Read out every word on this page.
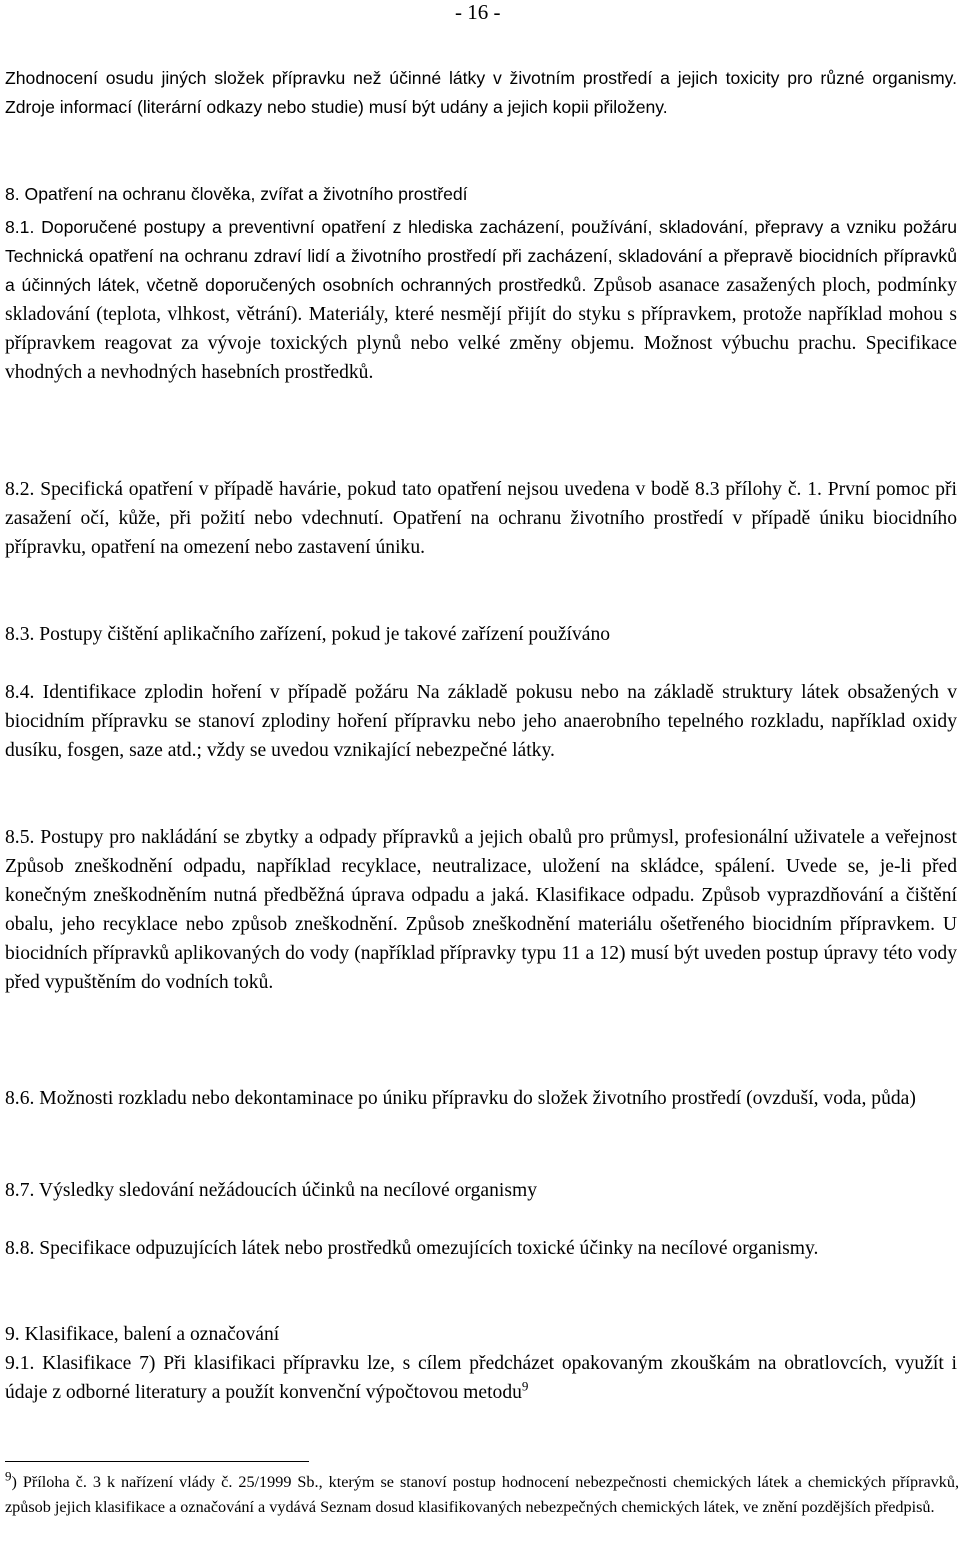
- 16 -

Zhodnocení osudu jiných složek přípravku než účinné látky v životním prostředí a jejich toxicity pro různé organismy. Zdroje informací (literární odkazy nebo studie) musí být udány a jejich kopii přiloženy.

8. Opatření na ochranu člověka, zvířat a životního prostředí

8.1. Doporučené postupy a preventivní opatření z hlediska zacházení, používání, skladování, přepravy a vzniku požáru Technická opatření na ochranu zdraví lidí a životního prostředí při zacházení, skladování a přepravě biocidních přípravků a účinných látek, včetně doporučených osobních ochranných prostředků. Způsob asanace zasažených ploch, podmínky skladování (teplota, vlhkost, větrání). Materiály, které nesmějí přijít do styku s přípravkem, protože například mohou s přípravkem reagovat za vývoje toxických plynů nebo velké změny objemu. Možnost výbuchu prachu. Specifikace vhodných a nevhodných hasebních prostředků.

8.2. Specifická opatření v případě havárie, pokud tato opatření nejsou uvedena v bodě 8.3 přílohy č. 1. První pomoc při zasažení očí, kůže, při požití nebo vdechnutí. Opatření na ochranu životního prostředí v případě úniku biocidního přípravku, opatření na omezení nebo zastavení úniku.

8.3. Postupy čištění aplikačního zařízení, pokud je takové zařízení používáno

8.4. Identifikace zplodin hoření v případě požáru Na základě pokusu nebo na základě struktury látek obsažených v biocidním přípravku se stanoví zplodiny hoření přípravku nebo jeho anaerobního tepelného rozkladu, například oxidy dusíku, fosgen, saze atd.; vždy se uvedou vznikající nebezpečné látky.

8.5. Postupy pro nakládání se zbytky a odpady přípravků a jejich obalů pro průmysl, profesionální uživatele a veřejnost Způsob zneškodnění odpadu, například recyklace, neutralizace, uložení na skládce, spálení. Uvede se, je-li před konečným zneškodněním nutná předběžná úprava odpadu a jaká. Klasifikace odpadu. Způsob vyprazdňování a čištění obalu, jeho recyklace nebo způsob zneškodnění. Způsob zneškodnění materiálu ošetřeného biocidním přípravkem. U biocidních přípravků aplikovaných do vody (například přípravky typu 11 a 12) musí být uveden postup úpravy této vody před vypuštěním do vodních toků.

8.6. Možnosti rozkladu nebo dekontaminace po úniku přípravku do složek životního prostředí (ovzduší, voda, půda)

8.7. Výsledky sledování nežádoucích účinků na necílové organismy

8.8. Specifikace odpuzujících látek nebo prostředků omezujících toxické účinky na necílové organismy.

9. Klasifikace, balení a označování

9.1. Klasifikace 7) Při klasifikaci přípravku lze, s cílem předcházet opakovaným zkouškám na obratlovcích, využít i údaje z odborné literatury a použít konvenční výpočtovou metodu$^9$

$^9$) Příloha č. 3 k nařízení vlády č. 25/1999 Sb., kterým se stanoví postup hodnocení nebezpečnosti chemických látek a chemických přípravků, způsob jejich klasifikace a označování a vydává Seznam dosud klasifikovaných nebezpečných chemických látek, ve znění pozdějších předpisů.
